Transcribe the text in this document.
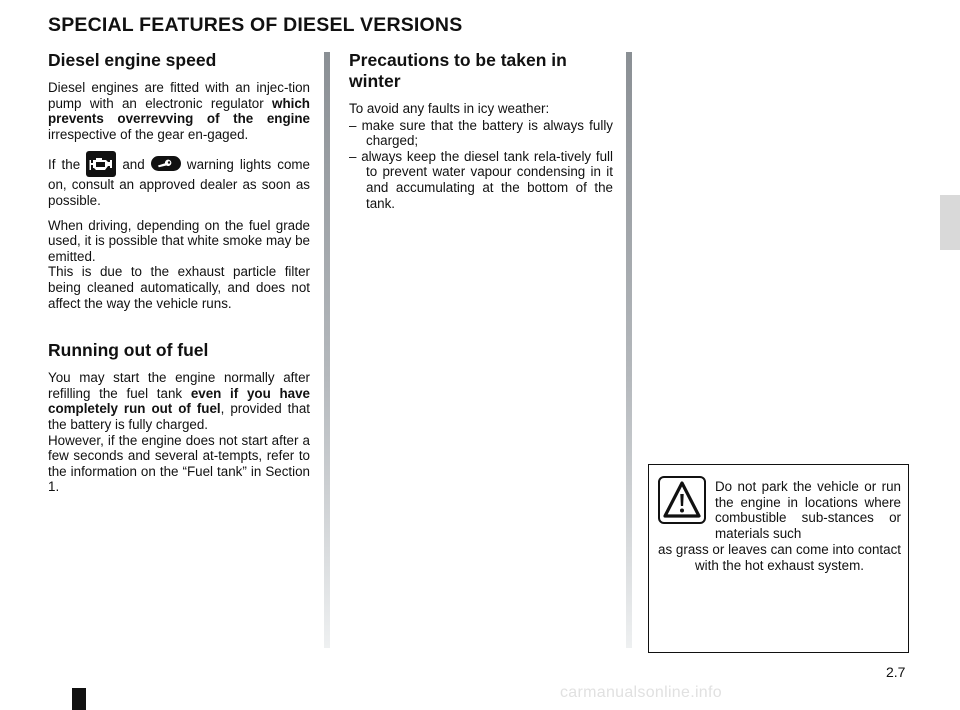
SPECIAL FEATURES OF DIESEL VERSIONS
Diesel engine speed

Diesel engines are fitted with an injec-tion pump with an electronic regulator which prevents overrevving of the engine irrespective of the gear en-gaged.

If the
and
warning lights come on, consult an approved dealer as soon as possible.

When driving, depending on the fuel grade used, it is possible that white smoke may be emitted.

This is due to the exhaust particle filter being cleaned automatically, and does not affect the way the vehicle runs.

Running out of fuel

You may start the engine normally after refilling the fuel tank even if you have completely run out of fuel, provided that the battery is fully charged.

However, if the engine does not start after a few seconds and several at-tempts, refer to the information on the “Fuel tank” in Section 1.

Precautions to be taken in winter

To avoid any faults in icy weather:

– make sure that the battery is always fully charged;
– always keep the diesel tank rela-tively full to prevent water vapour condensing in it and accumulating at the bottom of the tank.

Do not park the vehicle or run the engine in locations where combustible sub-stances or materials such

as grass or leaves can come into contact with the hot exhaust system.

2.7
carmanualsonline.info
